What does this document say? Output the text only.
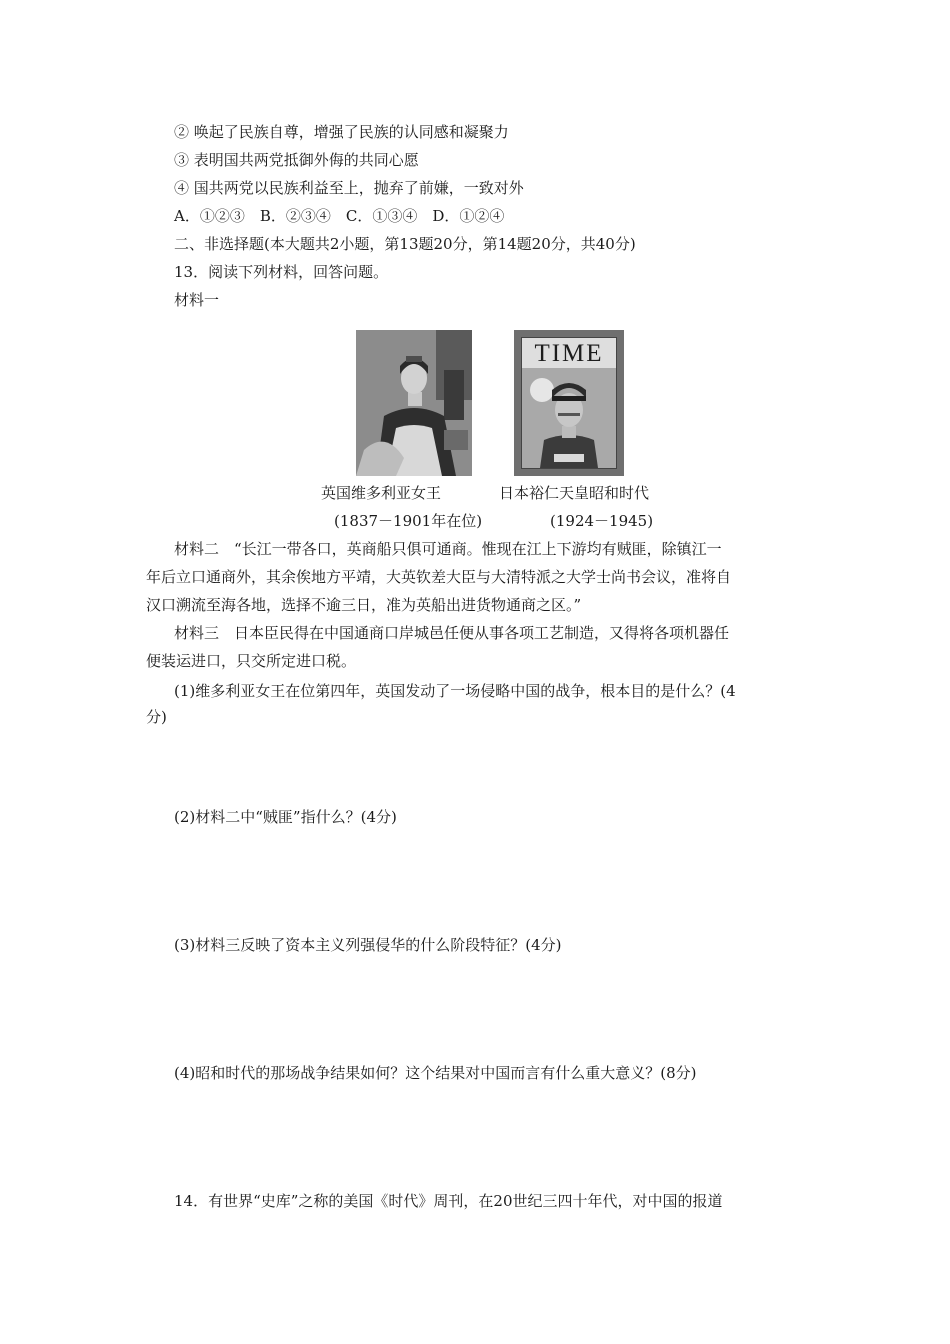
② 唤起了民族自尊，增强了民族的认同感和凝聚力
③ 表明国共两党抵御外侮的共同心愿
④ 国共两党以民族利益至上，抛弃了前嫌，一致对外
A．①②③　B．②③④　C．①③④　D．①②④
二、非选择题(本大题共2小题，第13题20分，第14题20分，共40分)
13．阅读下列材料，回答问题。
材料一
TIME
英国维多利亚女王	日本裕仁天皇昭和时代
(1837－1901年在位)	(1924－1945)
材料二　“长江一带各口，英商船只俱可通商。惟现在江上下游均有贼匪，除镇江一
年后立口通商外，其余俟地方平靖，大英钦差大臣与大清特派之大学士尚书会议，准将自
汉口溯流至海各地，选择不逾三日，准为英船出进货物通商之区。”
材料三　日本臣民得在中国通商口岸城邑任便从事各项工艺制造，又得将各项机器任
便装运进口，只交所定进口税。
(1)维多利亚女王在位第四年，英国发动了一场侵略中国的战争，根本目的是什么？(4
分)
(2)材料二中“贼匪”指什么？(4分)
(3)材料三反映了资本主义列强侵华的什么阶段特征？(4分)
(4)昭和时代的那场战争结果如何？这个结果对中国而言有什么重大意义？(8分)
14．有世界“史库”之称的美国《时代》周刊，在20世纪三四十年代，对中国的报道
